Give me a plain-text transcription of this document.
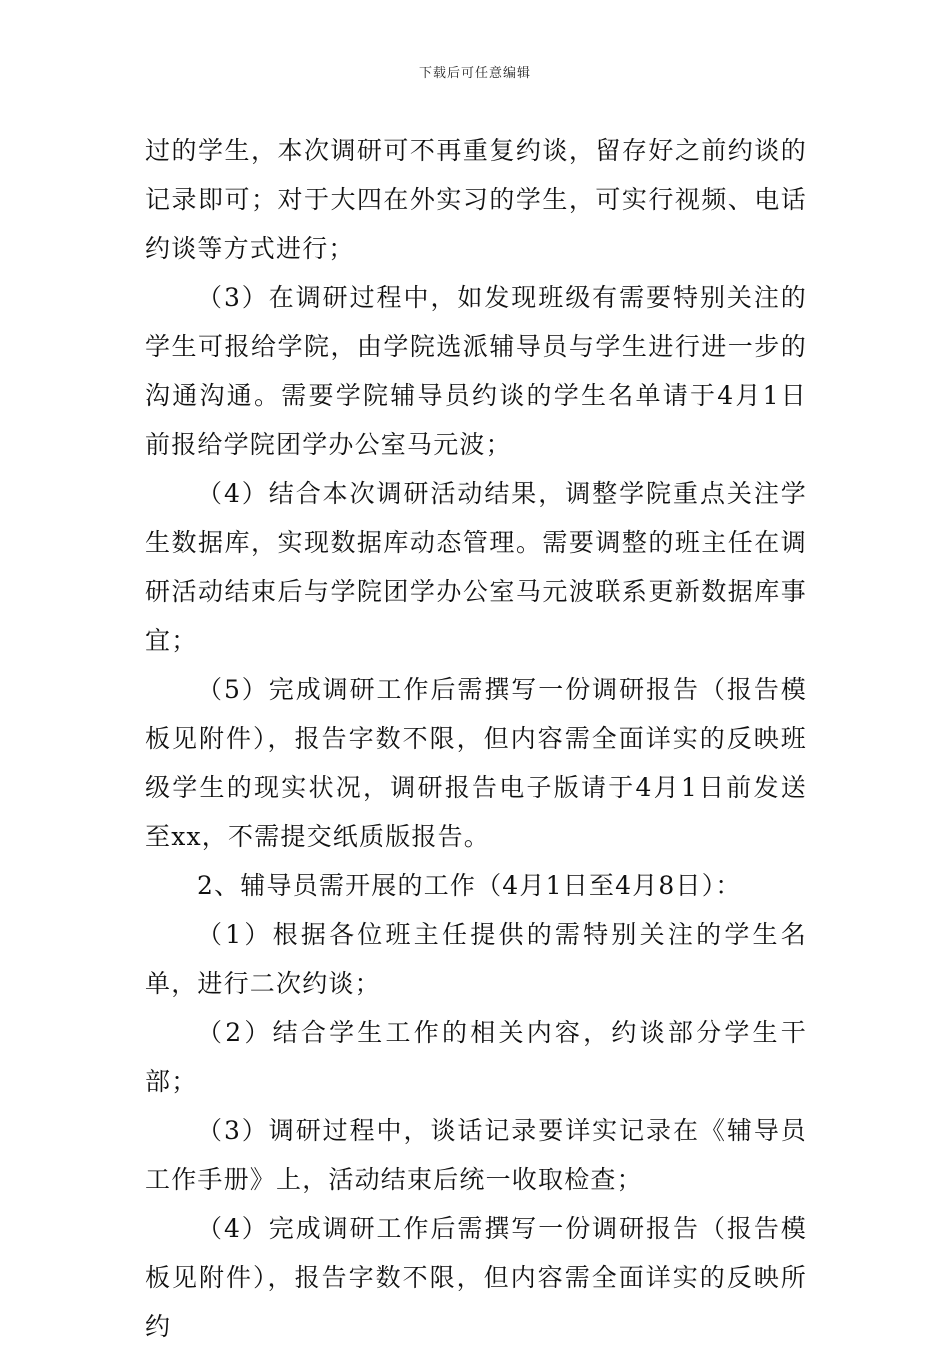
下载后可任意编辑

过的学生，本次调研可不再重复约谈，留存好之前约谈的记录即可；对于大四在外实习的学生，可实行视频、电话约谈等方式进行；

（3）在调研过程中，如发现班级有需要特别关注的学生可报给学院，由学院选派辅导员与学生进行进一步的沟通沟通。需要学院辅导员约谈的学生名单请于4月1日前报给学院团学办公室马元波；

（4）结合本次调研活动结果，调整学院重点关注学生数据库，实现数据库动态管理。需要调整的班主任在调研活动结束后与学院团学办公室马元波联系更新数据库事宜；

（5）完成调研工作后需撰写一份调研报告（报告模板见附件），报告字数不限，但内容需全面详实的反映班级学生的现实状况，调研报告电子版请于4月1日前发送至xx，不需提交纸质版报告。

2、辅导员需开展的工作（4月1日至4月8日）：

（1）根据各位班主任提供的需特别关注的学生名单，进行二次约谈；

（2）结合学生工作的相关内容，约谈部分学生干部；

（3）调研过程中，谈话记录要详实记录在《辅导员工作手册》上，活动结束后统一收取检查；

（4）完成调研工作后需撰写一份调研报告（报告模板见附件），报告字数不限，但内容需全面详实的反映所约
